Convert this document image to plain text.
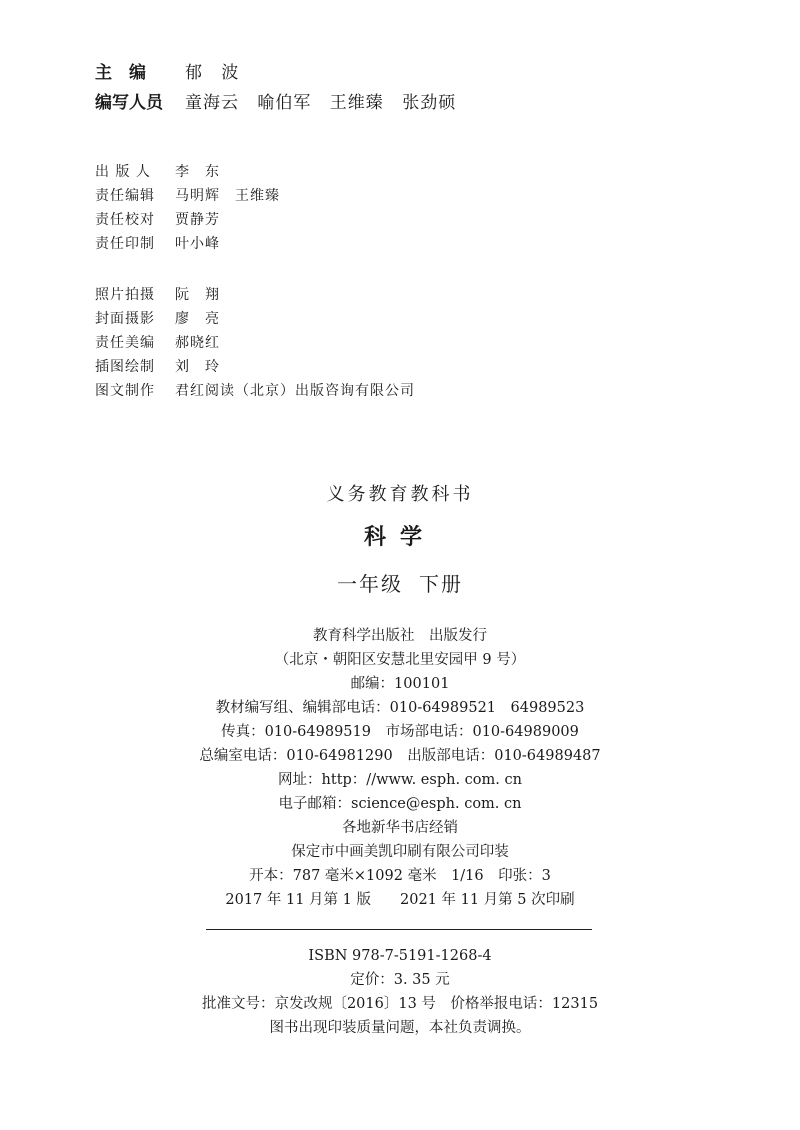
主　编	郁 波
编写人员	童海云 喻伯军 王维臻 张劲硕
出 版 人	李　东
责任编辑	马明辉　王维臻
责任校对	贾静芳
责任印制	叶小峰
照片拍摄	阮　翔
封面摄影	廖　亮
责任美编	郝晓红
插图绘制	刘　玲
图文制作	君红阅读（北京）出版咨询有限公司
义务教育教科书
科学
一年级 下册
教育科学出版社　出版发行
（北京・朝阳区安慧北里安园甲 9 号）
邮编：100101
教材编写组、编辑部电话：010-64989521　64989523
传真：010-64989519　市场部电话：010-64989009
总编室电话：010-64981290　出版部电话：010-64989487
网址：http：//www. esph. com. cn
电子邮箱：science@esph. com. cn
各地新华书店经销
保定市中画美凯印刷有限公司印装
开本：787 毫米×1092 毫米　1/16　印张：3
2017 年 11 月第 1 版　　2021 年 11 月第 5 次印刷
ISBN 978-7-5191-1268-4
定价：3. 35 元
批准文号：京发改规〔2016〕13 号　价格举报电话：12315
图书出现印装质量问题，本社负责调换。
